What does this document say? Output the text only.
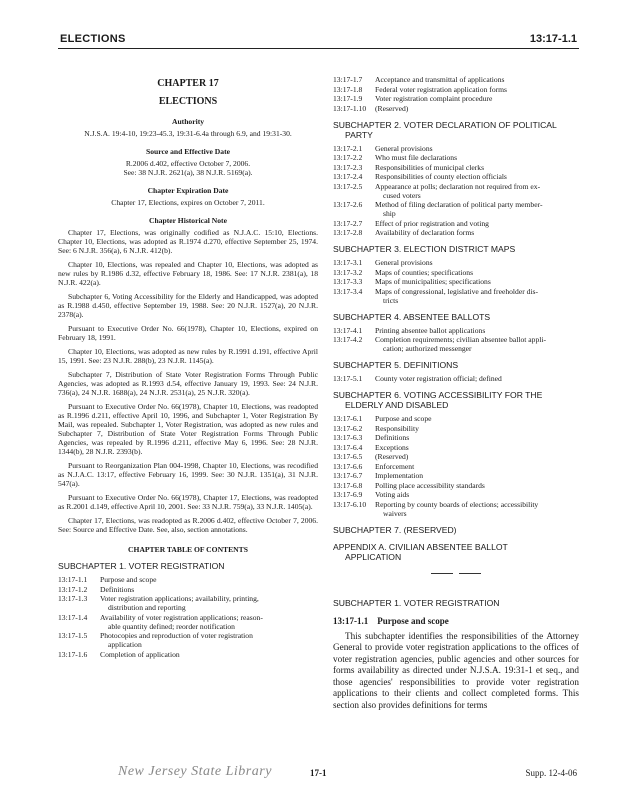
ELECTIONS	13:17-1.1
CHAPTER 17
ELECTIONS
Authority
N.J.S.A. 19:4-10, 19:23-45.3, 19:31-6.4a through 6.9, and 19:31-30.
Source and Effective Date
R.2006 d.402, effective October 7, 2006.
See: 38 N.J.R. 2621(a), 38 N.J.R. 5169(a).
Chapter Expiration Date
Chapter 17, Elections, expires on October 7, 2011.
Chapter Historical Note

Chapter 17, Elections, was originally codified as N.J.A.C. 15:10, Elections. Chapter 10, Elections, was adopted as R.1974 d.270, effective September 25, 1974. See: 6 N.J.R. 356(a), 6 N.J.R. 412(b).

Chapter 10, Elections, was repealed and Chapter 10, Elections, was adopted as new rules by R.1986 d.32, effective February 18, 1986. See: 17 N.J.R. 2381(a), 18 N.J.R. 422(a).

Subchapter 6, Voting Accessibility for the Elderly and Handicapped, was adopted as R.1988 d.450, effective September 19, 1988. See: 20 N.J.R. 1527(a), 20 N.J.R. 2378(a).

Pursuant to Executive Order No. 66(1978), Chapter 10, Elections, expired on February 18, 1991.

Chapter 10, Elections, was adopted as new rules by R.1991 d.191, effective April 15, 1991. See: 23 N.J.R. 288(b), 23 N.J.R. 1145(a).

Subchapter 7, Distribution of State Voter Registration Forms Through Public Agencies, was adopted as R.1993 d.54, effective January 19, 1993. See: 24 N.J.R. 736(a), 24 N.J.R. 1688(a), 24 N.J.R. 2531(a), 25 N.J.R. 320(a).

Pursuant to Executive Order No. 66(1978), Chapter 10, Elections, was readopted as R.1996 d.211, effective April 10, 1996, and Subchapter 1, Voter Registration By Mail, was repealed. Subchapter 1, Voter Registration, was adopted as new rules and Subchapter 7, Distribution of State Voter Registration Forms Through Public Agencies, was repealed by R.1996 d.211, effective May 6, 1996. See: 28 N.J.R. 1344(b), 28 N.J.R. 2393(b).

Pursuant to Reorganization Plan 004-1998, Chapter 10, Elections, was recodified as N.J.A.C. 13:17, effective February 16, 1999. See: 30 N.J.R. 1351(a), 31 N.J.R. 547(a).

Pursuant to Executive Order No. 66(1978), Chapter 17, Elections, was readopted as R.2001 d.149, effective April 10, 2001. See: 33 N.J.R. 759(a), 33 N.J.R. 1405(a).

Chapter 17, Elections, was readopted as R.2006 d.402, effective October 7, 2006. See: Source and Effective Date. See, also, section annotations.

CHAPTER TABLE OF CONTENTS
SUBCHAPTER 1. VOTER REGISTRATION
13:17-1.1	Purpose and scope
13:17-1.2	Definitions
13:17-1.3	Voter registration applications; availability, printing,
distribution and reporting
13:17-1.4	Availability of voter registration applications; reason-
able quantity defined; reorder notification
13:17-1.5	Photocopies and reproduction of voter registration
application
13:17-1.6	Completion of application
13:17-1.7	Acceptance and transmittal of applications
13:17-1.8	Federal voter registration application forms
13:17-1.9	Voter registration complaint procedure
13:17-1.10	(Reserved)
SUBCHAPTER 2. VOTER DECLARATION OF POLITICAL
PARTY
13:17-2.1	General provisions
13:17-2.2	Who must file declarations
13:17-2.3	Responsibilities of municipal clerks
13:17-2.4	Responsibilities of county election officials
13:17-2.5	Appearance at polls; declaration not required from ex-
cused voters
13:17-2.6	Method of filing declaration of political party member-
ship
13:17-2.7	Effect of prior registration and voting
13:17-2.8	Availability of declaration forms
SUBCHAPTER 3. ELECTION DISTRICT MAPS
13:17-3.1	General provisions
13:17-3.2	Maps of counties; specifications
13:17-3.3	Maps of municipalities; specifications
13:17-3.4	Maps of congressional, legislative and freeholder dis-
tricts
SUBCHAPTER 4. ABSENTEE BALLOTS
13:17-4.1	Printing absentee ballot applications
13:17-4.2	Completion requirements; civilian absentee ballot appli-
cation; authorized messenger
SUBCHAPTER 5. DEFINITIONS
13:17-5.1	County voter registration official; defined
SUBCHAPTER 6. VOTING ACCESSIBILITY FOR THE
ELDERLY AND DISABLED
13:17-6.1	Purpose and scope
13:17-6.2	Responsibility
13:17-6.3	Definitions
13:17-6.4	Exceptions
13:17-6.5	(Reserved)
13:17-6.6	Enforcement
13:17-6.7	Implementation
13:17-6.8	Polling place accessibility standards
13:17-6.9	Voting aids
13:17-6.10	Reporting by county boards of elections; accessibility
waivers
SUBCHAPTER 7. (RESERVED)
APPENDIX A. CIVILIAN ABSENTEE BALLOT
APPLICATION
SUBCHAPTER 1. VOTER REGISTRATION
13:17-1.1 Purpose and scope

This subchapter identifies the responsibilities of the Attorney General to provide voter registration applications to the offices of voter registration agencies, public agencies and other sources for forms availability as directed under N.J.S.A. 19:31-1 et seq., and those agencies' responsibilities to provide voter registration applications to their clients and collect completed forms. This section also provides definitions for terms

New Jersey State Library	17-1	Supp. 12-4-06
